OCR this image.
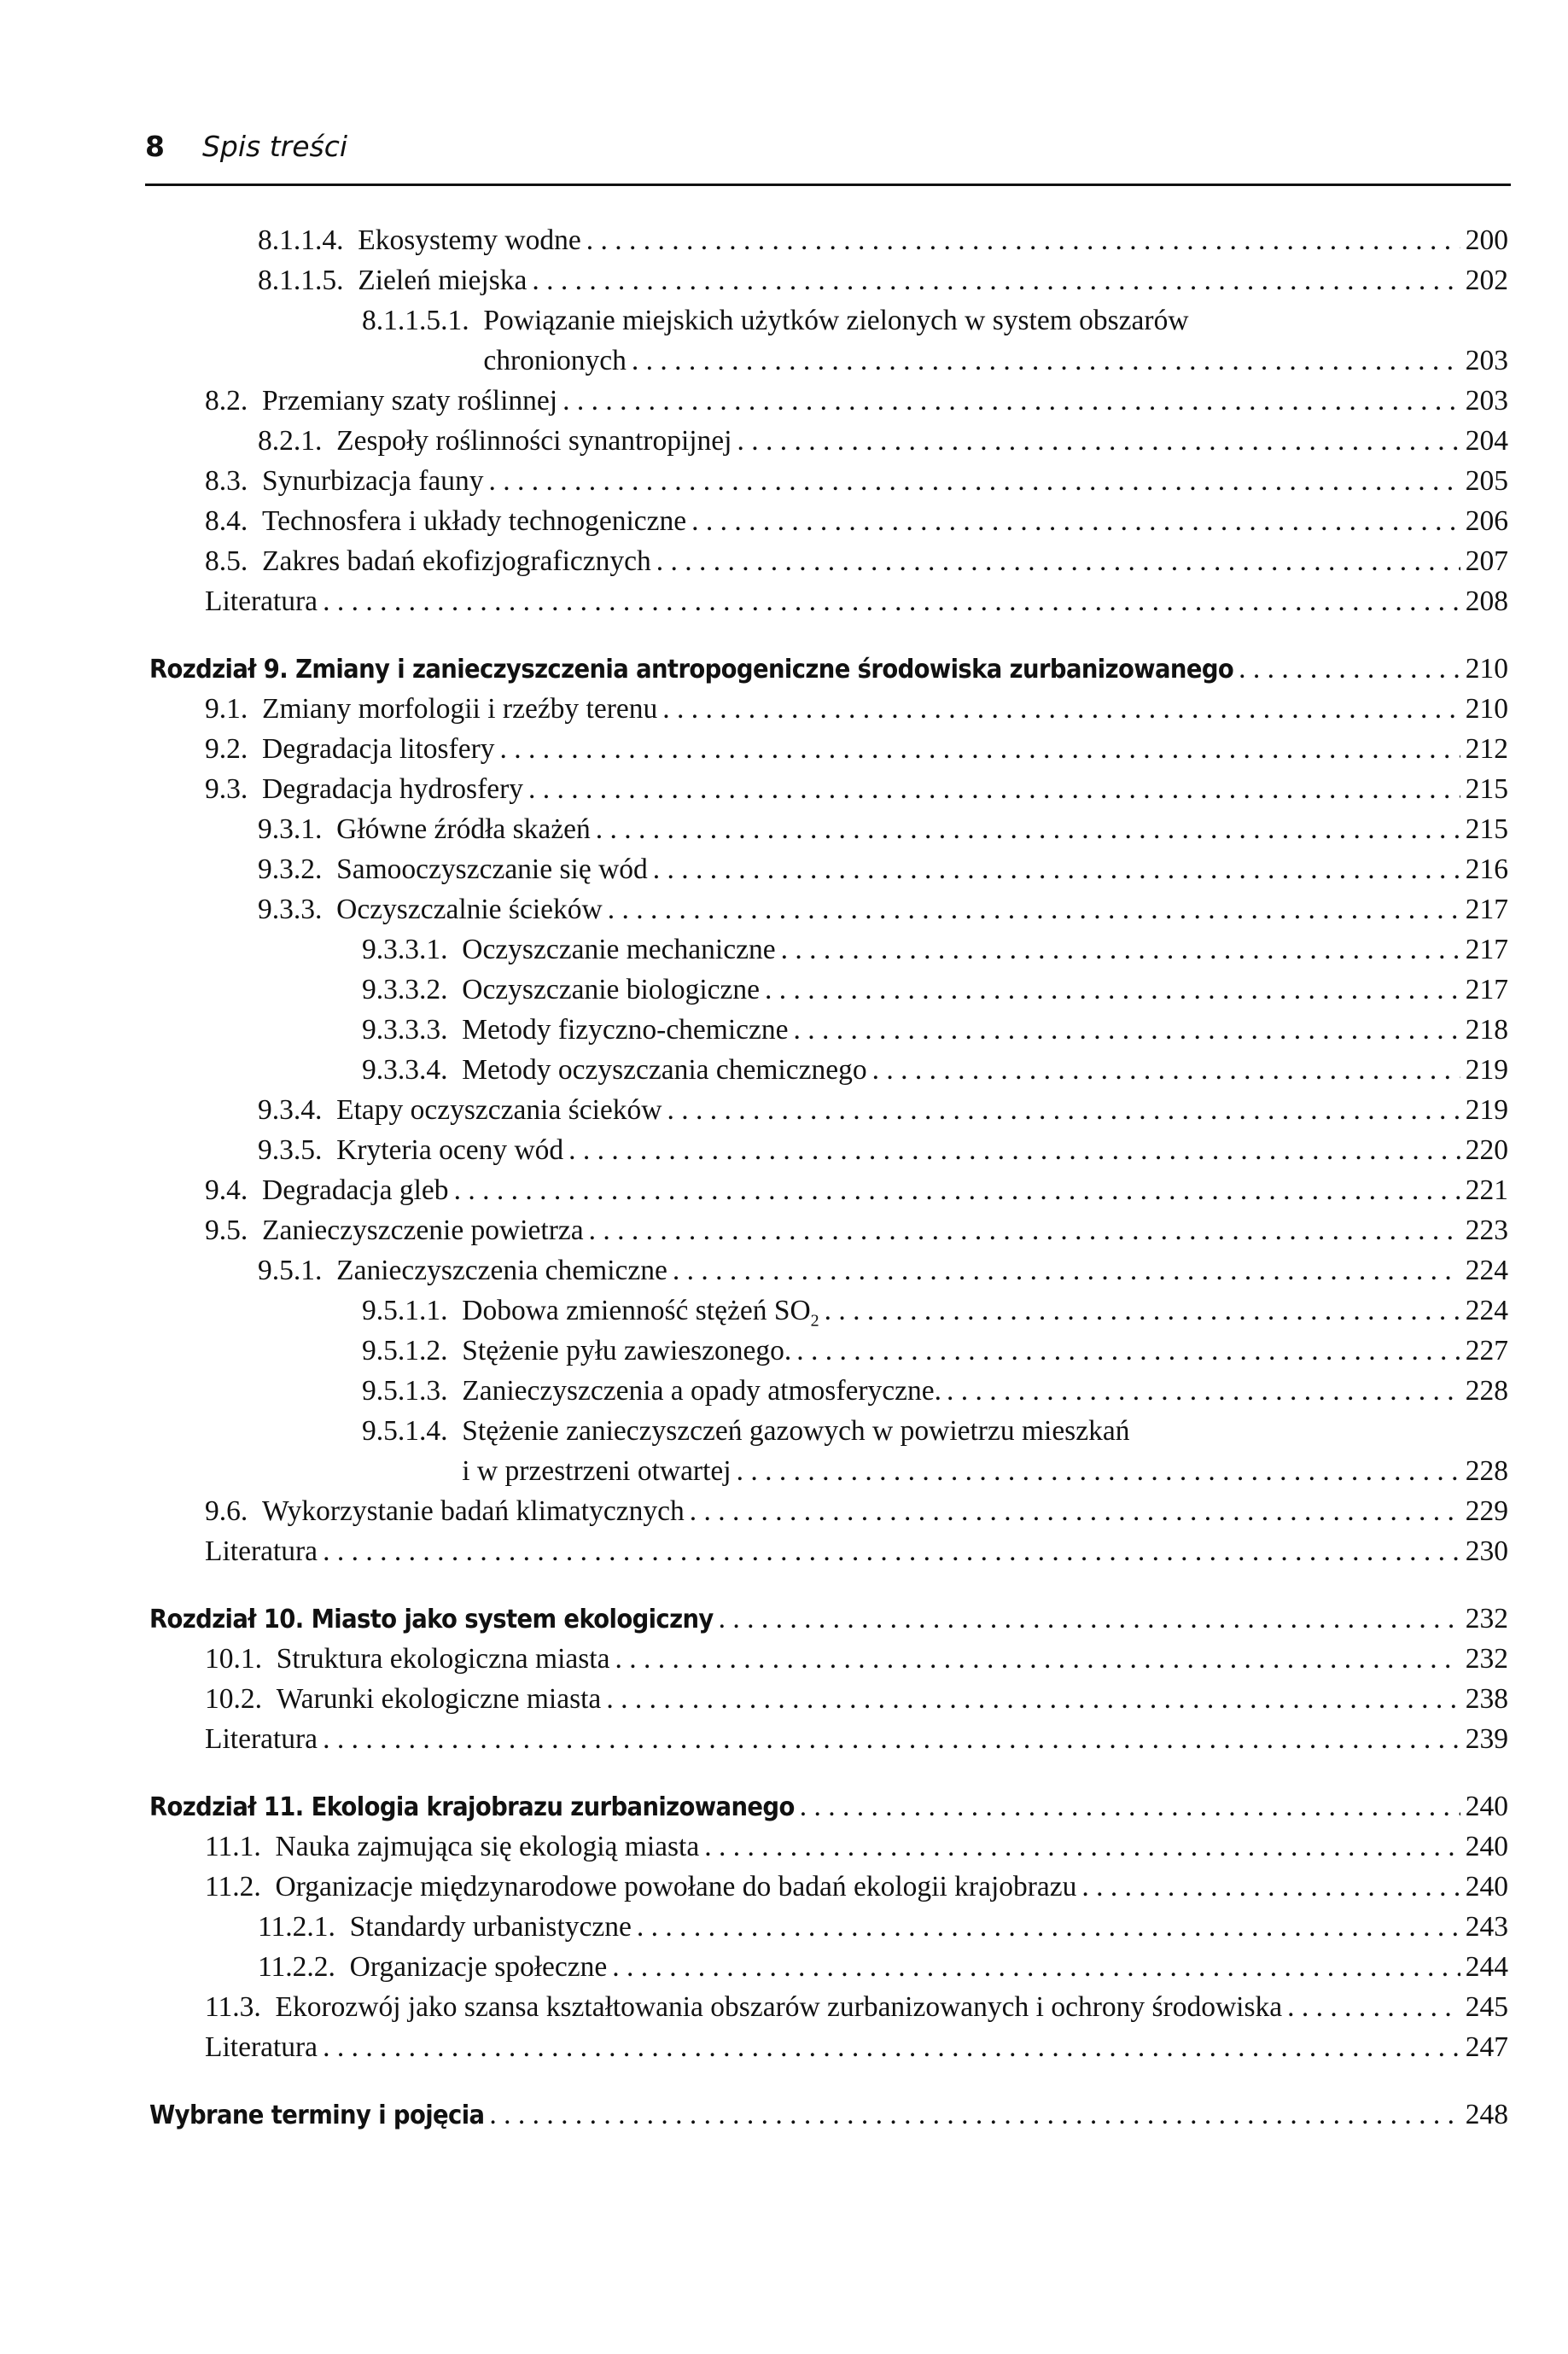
8 Spis treści
8.1.1.4.  Ekosystemy wodne . . .	200
8.1.1.5.  Zieleń miejska . . .	202
8.1.1.5.1.  Powiązanie miejskich użytków zielonych w system obszarów
chronionych . . .	203
8.2.  Przemiany szaty roślinnej . . .	203
8.2.1.  Zespoły roślinności synantropijnej . . .	204
8.3.  Synurbizacja fauny . . .	205
8.4.  Technosfera i układy technogeniczne . . .	206
8.5.  Zakres badań ekofizjograficznych . . .	207
Literatura . . .	208
Rozdział 9. Zmiany i zanieczyszczenia antropogeniczne środowiska zurbanizowanego . . .	210
9.1.  Zmiany morfologii i rzeźby terenu . . .	210
9.2.  Degradacja litosfery . . .	212
9.3.  Degradacja hydrosfery . . .	215
9.3.1.  Główne źródła skażeń . . .	215
9.3.2.  Samooczyszczanie się wód . . .	216
9.3.3.  Oczyszczalnie ścieków . . .	217
9.3.3.1.  Oczyszczanie mechaniczne . . .	217
9.3.3.2.  Oczyszczanie biologiczne . . .	217
9.3.3.3.  Metody fizyczno-chemiczne . . .	218
9.3.3.4.  Metody oczyszczania chemicznego . . .	219
9.3.4.  Etapy oczyszczania ścieków . . .	219
9.3.5.  Kryteria oceny wód . . .	220
9.4.  Degradacja gleb . . .	221
9.5.  Zanieczyszczenie powietrza . . .	223
9.5.1.  Zanieczyszczenia chemiczne . . .	224
9.5.1.1.  Dobowa zmienność stężeń $SO_2$ . . .	224
9.5.1.2.  Stężenie pyłu zawieszonego. . . .	227
9.5.1.3.  Zanieczyszczenia a opady atmosferyczne. . . .	228
9.5.1.4.  Stężenie zanieczyszczeń gazowych w powietrzu mieszkań
i w przestrzeni otwartej . . .	228
9.6.  Wykorzystanie badań klimatycznych . . .	229
Literatura . . .	230
Rozdział 10. Miasto jako system ekologiczny . . .	232
10.1.  Struktura ekologiczna miasta . . .	232
10.2.  Warunki ekologiczne miasta . . .	238
Literatura . . .	239
Rozdział 11. Ekologia krajobrazu zurbanizowanego . . .	240
11.1.  Nauka zajmująca się ekologią miasta . . .	240
11.2.  Organizacje międzynarodowe powołane do badań ekologii krajobrazu . . .	240
11.2.1.  Standardy urbanistyczne . . .	243
11.2.2.  Organizacje społeczne . . .	244
11.3.  Ekorozwój jako szansa kształtowania obszarów zurbanizowanych i ochrony środowiska . . .	245
Literatura . . .	247
Wybrane terminy i pojęcia . . .	248
